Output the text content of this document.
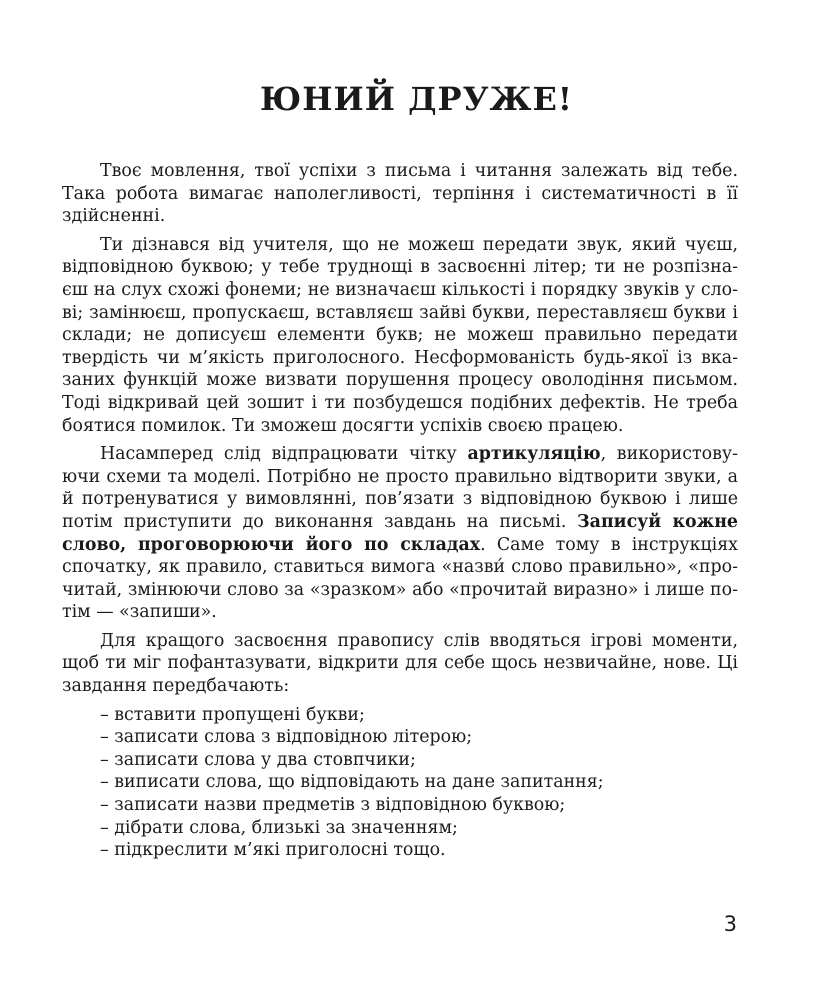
ЮНИЙ ДРУЖЕ!

Твоє мовлення, твої успіхи з письма і читання залежать від тебе. Така робота вимагає наполегливості, терпіння і систематичності в її здійсненні.

Ти дізнався від учителя, що не можеш передати звук, який чуєш, відповідною буквою; у тебе труднощі в засвоєнні літер; ти не розпізнаєш на слух схожі фонеми; не визначаєш кількості і порядку звуків у слові; замінюєш, пропускаєш, вставляєш зайві букви, переставляєш букви і склади; не дописуєш елементи букв; не можеш правильно передати твердість чи м’якість приголосного. Несформованість будь-якої із вказаних функцій може визвати порушення процесу оволодіння письмом. Тоді відкривай цей зошит і ти позбудешся подібних дефектів. Не треба боятися помилок. Ти зможеш досягти успіхів своєю працею.

Насамперед слід відпрацювати чітку артикуляцію, використовуючи схеми та моделі. Потрібно не просто правильно відтворити звуки, а й потренуватися у вимовлянні, пов’язати з відповідною буквою і лише потім приступити до виконання завдань на письмі. Записуй кожне слово, проговорюючи його по складах. Саме тому в інструкціях спочатку, як правило, ставиться вимога «назви́ слово правильно», «прочитай, змінюючи слово за «зразком» або «прочитай виразно» і лише потім — «запиши».

Для кращого засвоєння правопису слів вводяться ігрові моменти, щоб ти міг пофантазувати, відкрити для себе щось незвичайне, нове. Ці завдання передбачають:

– вставити пропущені букви;
– записати слова з відповідною літерою;
– записати слова у два стовпчики;
– виписати слова, що відповідають на дане запитання;
– записати назви предметів з відповідною буквою;
– дібрати слова, близькі за значенням;
– підкреслити м’які приголосні тощо.
3
